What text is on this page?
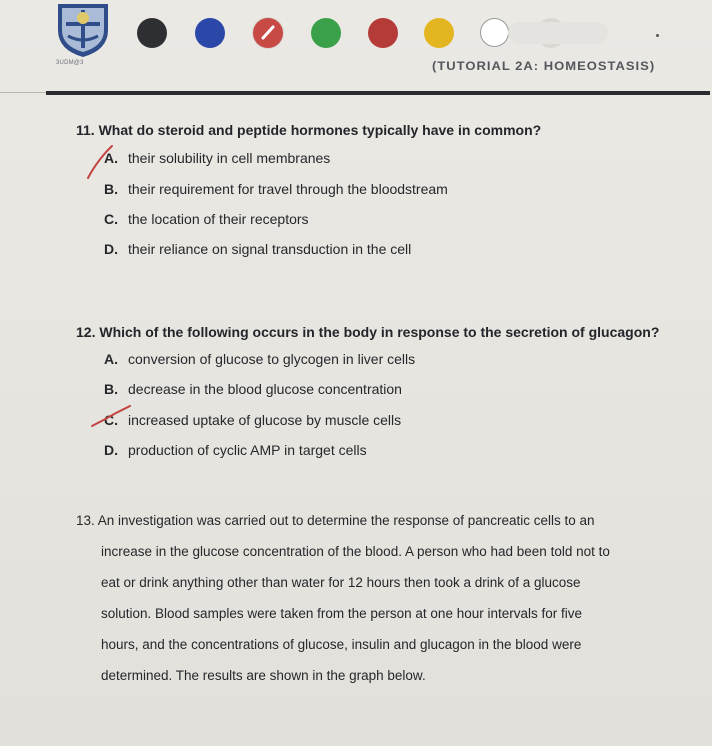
3UDM@3	(TUTORIAL 2A: HOMEOSTASIS)
11. What do steroid and peptide hormones typically have in common?
A. their solubility in cell membranes
B. their requirement for travel through the bloodstream
C. the location of their receptors
D. their reliance on signal transduction in the cell
12. Which of the following occurs in the body in response to the secretion of glucagon?
A. conversion of glucose to glycogen in liver cells
B. decrease in the blood glucose concentration
C. increased uptake of glucose by muscle cells
D. production of cyclic AMP in target cells
13. An investigation was carried out to determine the response of pancreatic cells to an
increase in the glucose concentration of the blood. A person who had been told not to
eat or drink anything other than water for 12 hours then took a drink of a glucose
solution. Blood samples were taken from the person at one hour intervals for five
hours, and the concentrations of glucose, insulin and glucagon in the blood were
determined. The results are shown in the graph below.
